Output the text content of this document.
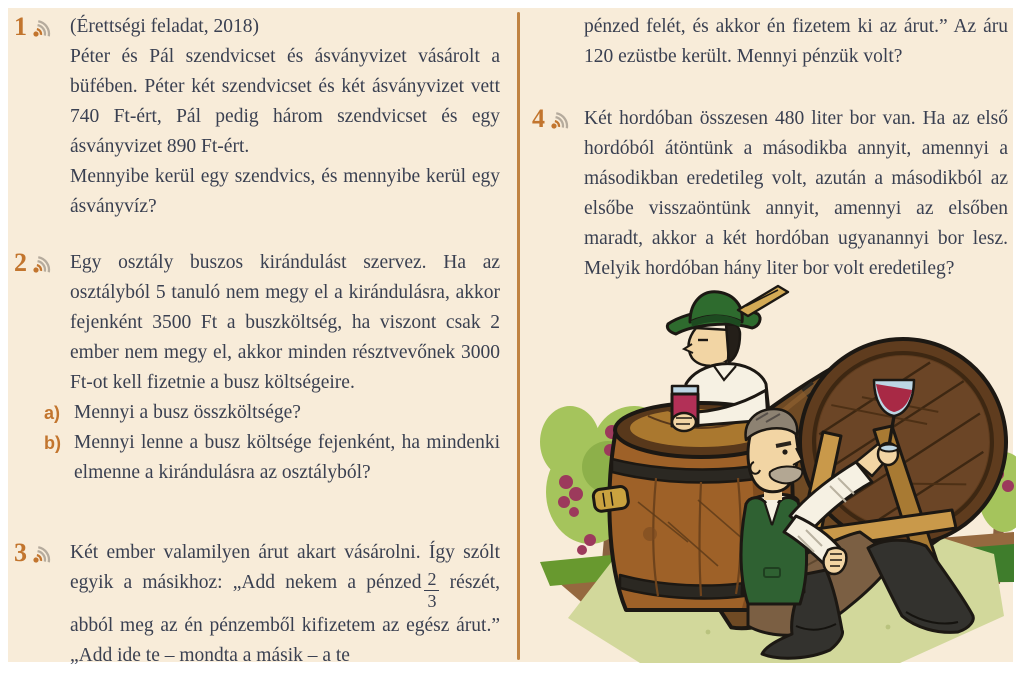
1 (Érettségi feladat, 2018)

Péter és Pál szendvicset és ásványvizet vásárolt a büfében. Péter két szendvicset és két ásványvizet vett 740 Ft-ért, Pál pedig három szendvicset és egy ásványvizet 890 Ft-ért.

Mennyibe kerül egy szendvics, és mennyibe kerül egy ásványvíz?

2 Egy osztály buszos kirándulást szervez. Ha az osztályból 5 tanuló nem megy el a kirándulásra, akkor fejenként 3500 Ft a buszköltség, ha viszont csak 2 ember nem megy el, akkor minden résztvevőnek 3000 Ft-ot kell fizetnie a busz költségeire.

a) Mennyi a busz összköltsége?
b) Mennyi lenne a busz költsége fejenként, ha mindenki elmenne a kirándulásra az osztályból?
3 Két ember valamilyen árut akart vásárolni. Így szólt egyik a másikhoz: „Add nekem a pénzed $\frac{2}{3}$ részét, abból meg az én pénzemből kifizetem az egész árut.” „Add ide te – mondta a másik – a te

pénzed felét, és akkor én fizetem ki az árut.” Az áru 120 ezüstbe került. Mennyi pénzük volt?

4 Két hordóban összesen 480 liter bor van. Ha az első hordóból átöntünk a másodikba annyit, amennyi a másodikban eredetileg volt, azután a másodikból az elsőbe visszaöntünk annyit, amennyi az elsőben maradt, akkor a két hordóban ugyanannyi bor lesz. Melyik hordóban hány liter bor volt eredetileg?
